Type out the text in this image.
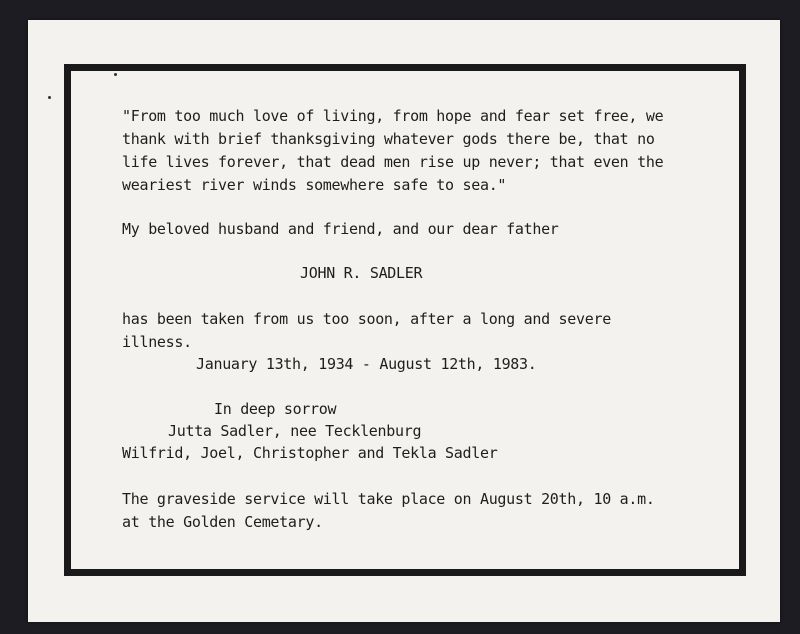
"From too much love of living, from hope and fear set free, we
thank with brief thanksgiving whatever gods there be, that no
life lives forever, that dead men rise up never; that even the
weariest river winds somewhere safe to sea."
My beloved husband and friend, and our dear father
JOHN R. SADLER
has been taken from us too soon, after a long and severe
illness.
January 13th, 1934 - August 12th, 1983.
In deep sorrow
Jutta Sadler, nee Tecklenburg
Wilfrid, Joel, Christopher and Tekla Sadler
The graveside service will take place on August 20th, 10 a.m.
at the Golden Cemetary.
